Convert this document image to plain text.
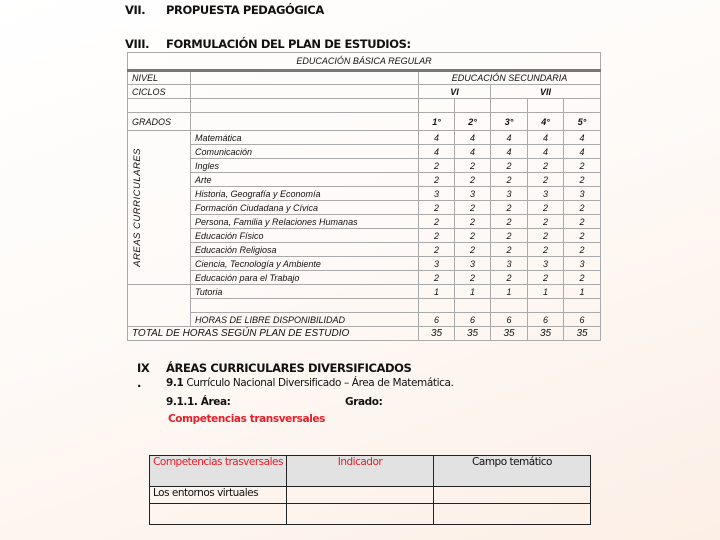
VII. PROPUESTA PEDAGÓGICA
VIII. FORMULACIÓN DEL PLAN DE ESTUDIOS:
EDUCACIÓN BÁSICA REGULAR						
NIVEL		EDUCACIÓN SECUNDARIA				
CICLOS		VI		VII		

GRADOS		1°	2°	3°	4°	5°

AREAS CURRICULARES	Matemática	4	4	4	4	4
	Comunicación	4	4	4	4	4
	Ingles	2	2	2	2	2
	Arte	2	2	2	2	2
	Historia, Geografía y Economía	3	3	3	3	3
	Formación Ciudadana y Cívica	2	2	2	2	2
	Persona, Familia y Relaciones Humanas	2	2	2	2	2
	Educación Físico	2	2	2	2	2
	Educación Religiosa	2	2	2	2	2
	Ciencia, Tecnología y Ambiente	3	3	3	3	3
	Educación para el Trabajo	2	2	2	2	2
	Tutoria	1	1	1	1	1

	HORAS DE LIBRE DISPONIBILIDAD	6	6	6	6	6
TOTAL DE HORAS SEGÚN PLAN DE ESTUDIO		35	35	35	35	35
IX
.
ÁREAS CURRICULARES DIVERSIFICADOS
9.1 Currículo Nacional Diversificado – Área de Matemática.
9.1.1. Área:	Grado:
Competencias transversales
Competencias trasversales	Indicador	Campo temático
Los entornos virtuales		
